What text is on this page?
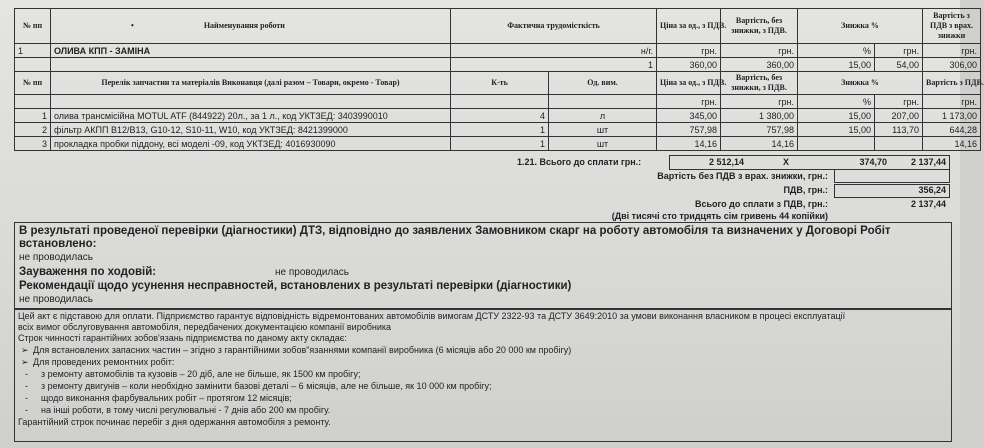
№ пп	• Найменування роботи	Фактична трудомісткість		Ціна за од., з ПДВ.	Вартість, без знижки, з ПДВ.	Знижка %		Вартість з ПДВ з врах. знижки
1	ОЛИВА КПП - ЗАМІНА	н/г.		грн.	грн.	%	грн.	грн.
		1		360,00	360,00	15,00	54,00	306,00
№ пп	Перелік запчастин та матеріалів Виконавця (далі разом – Товари, окремо - Товар)	К-ть	Од. вим.	Ціна за од., з ПДВ.	Вартість, без знижки, з ПДВ.	Знижка %		Вартість з ПДВ.
				грн.	грн.	%	грн.	грн.
1	олива трансмісійна MOTUL ATF (844922) 20л., за 1 л., код УКТЗЕД: 3403990010	4	л	345,00	1 380,00	15,00	207,00	1 173,00
2	фільтр АКПП B12/B13, G10-12, S10-11, W10, код УКТЗЕД: 8421399000	1	шт	757,98	757,98	15,00	113,70	644,28
3	прокладка пробки піддону, всі моделі -09, код УКТЗЕД: 4016930090	1	шт	14,16	14,16			14,16
1.21. Всього до сплати грн.:	2 512,14	X	374,70	2 137,44
Вартість без ПДВ з врах. знижки, грн.:
ПДВ, грн.:	356,24
Всього до сплати з ПДВ, грн.:	2 137,44
(Дві тисячі сто тридцять сім гривень 44 копійки)
В результаті проведеної перевірки (діагностики) ДТЗ, відповідно до заявлених Замовником скарг на роботу автомобіля та визначених у Договорі Робіт
встановлено:
не проводилась
Зауваження по ходовій:	не проводилась
Рекомендації щодо усунення несправностей, встановлених в результаті перевірки (діагностики)
не проводилась
Цей акт є підставою для оплати. Підприємство гарантує відповідність відремонтованих автомобілів вимогам ДСТУ 2322-93 та ДСТУ 3649:2010 за умови виконання власником в процесі експлуатації
всіх вимог обслуговування автомобіля, передбачених документацією компанії виробника
Строк чинності гарантійних зобов'язань підприємства по даному акту складає:
➢ Для встановлених запасних частин – згідно з гарантійними зобов"язаннями компанії виробника (6 місяців або 20 000 км пробігу)
➢ Для проведених ремонтних робіт:
- з ремонту автомобілів та кузовів – 20 діб, але не більше, як 1500 км пробігу;
- з ремонту двигунів – коли необхідно замінити базові деталі – 6 місяців, але не більше, як 10 000 км пробігу;
- щодо виконання фарбувальних робіт – протягом 12 місяців;
- на інші роботи, в тому числі регулювальні - 7 днів або 200 км пробігу.
Гарантійний строк починає перебіг з дня одержання автомобіля з ремонту.
